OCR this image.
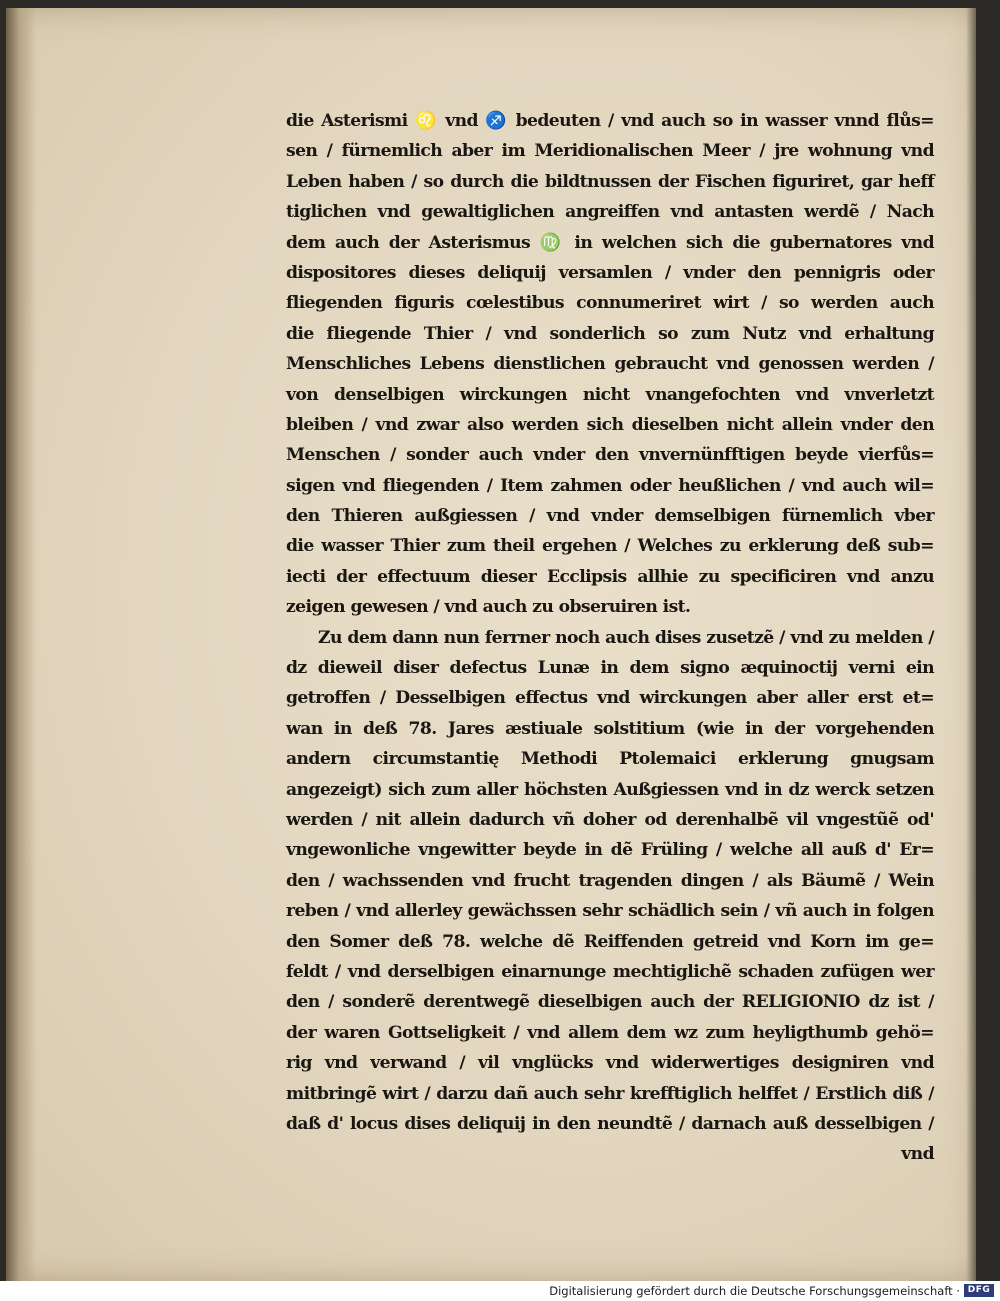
die Asterismi ♌ vnd ♐ bedeuten / vnd auch so in wasser vnnd flůs=
sen / fürnemlich aber im Meridionalischen Meer / jre wohnung vnd
Leben haben / so durch die bildtnussen der Fischen figuriret, gar heff
tiglichen vnd gewaltiglichen angreiffen vnd antasten werdẽ / Nach
dem auch der Asterismus ♍ in welchen sich die gubernatores vnd
dispositores dieses deliquij versamlen / vnder den pennigris oder
fliegenden figuris cœlestibus connumeriret wirt / so werden auch
die fliegende Thier / vnd sonderlich so zum Nutz vnd erhaltung
Menschliches Lebens dienstlichen gebraucht vnd genossen werden /
von denselbigen wirckungen nicht vnangefochten vnd vnverletzt
bleiben / vnd zwar also werden sich dieselben nicht allein vnder den
Menschen / sonder auch vnder den vnvernünfftigen beyde vierfůs=
sigen vnd fliegenden / Item zahmen oder heußlichen / vnd auch wil=
den Thieren außgiessen / vnd vnder demselbigen fürnemlich vber
die wasser Thier zum theil ergehen / Welches zu erklerung deß sub=
iecti der effectuum dieser Ecclipsis allhie zu specificiren vnd anzu
zeigen gewesen / vnd auch zu obseruiren ist.
Zu dem dann nun ferrner noch auch dises zusetzẽ / vnd zu melden /
dz dieweil diser defectus Lunæ in dem signo æquinoctij verni ein
getroffen / Desselbigen effectus vnd wirckungen aber aller erst et=
wan in deß 78. Jares æstiuale solstitium (wie in der vorgehenden
andern circumstantię Methodi Ptolemaici erklerung gnugsam
angezeigt) sich zum aller höchsten Außgiessen vnd in dz werck setzen
werden / nit allein dadurch vñ doher od derenhalbẽ vil vngestũẽ od'
vngewonliche vngewitter beyde in dẽ Früling / welche all auß d' Er=
den / wachssenden vnd frucht tragenden dingen / als Bäumẽ / Wein
reben / vnd allerley gewächssen sehr schädlich sein / vñ auch in folgen
den Somer deß 78. welche dẽ Reiffenden getreid vnd Korn im ge=
feldt / vnd derselbigen einarnunge mechtiglichẽ schaden zufügen wer
den / sonderẽ derentwegẽ dieselbigen auch der RELIGIONIO dz ist /
der waren Gottseligkeit / vnd allem dem wz zum heyligthumb gehö=
rig vnd verwand / vil vnglücks vnd widerwertiges designiren vnd
mitbringẽ wirt / darzu dañ auch sehr krefftiglich helffet / Erstlich diß /
daß d' locus dises deliquij in den neundtẽ / darnach auß desselbigen /
vnd
Digitalisierung gefördert durch die Deutsche Forschungsgemeinschaft · DFG
